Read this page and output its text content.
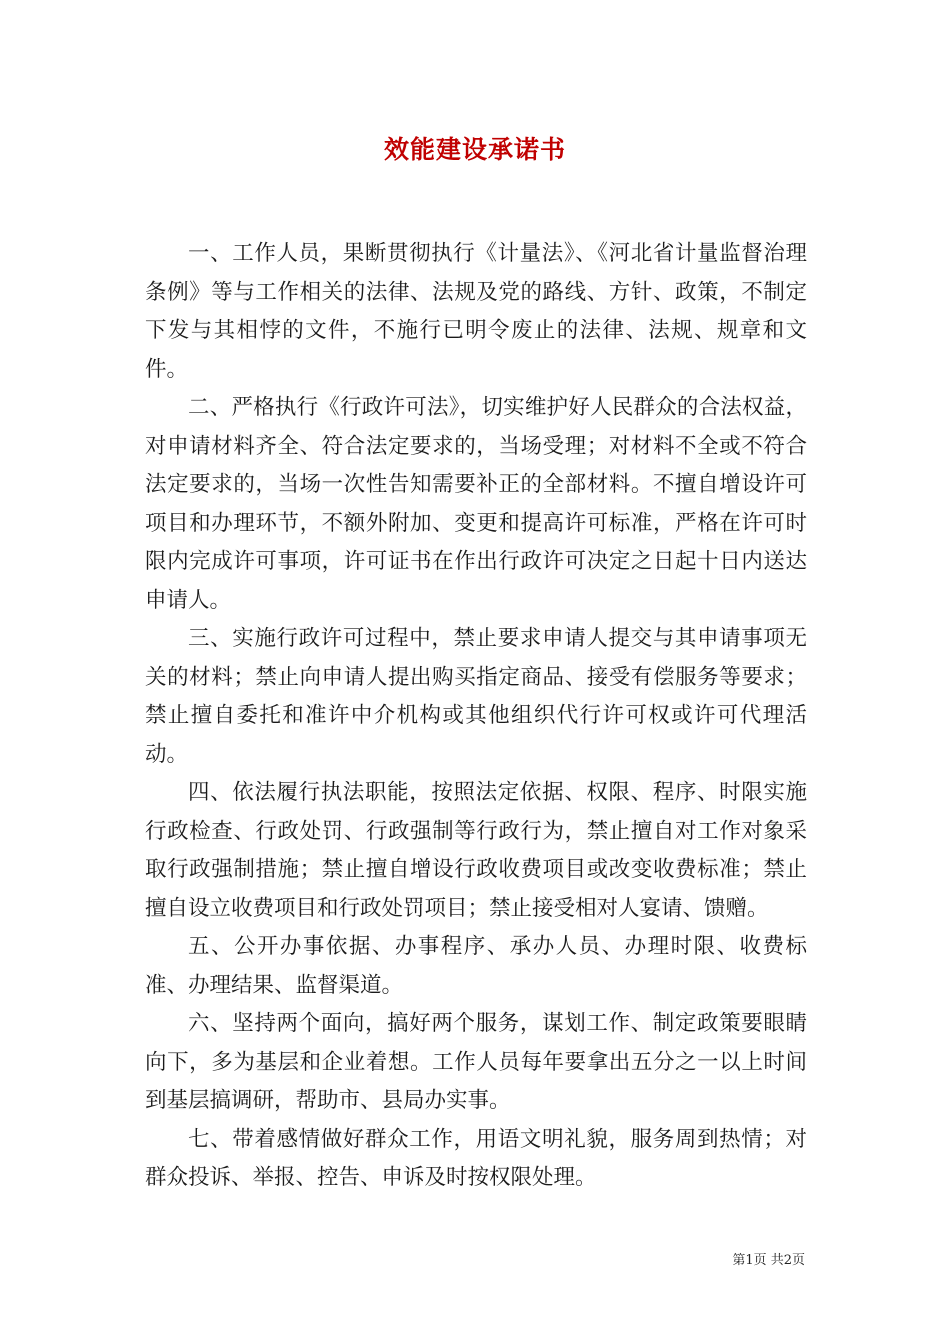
效能建设承诺书

一、工作人员，果断贯彻执行《计量法》、《河北省计量监督治理条例》等与工作相关的法律、法规及党的路线、方针、政策，不制定下发与其相悖的文件，不施行已明令废止的法律、法规、规章和文件。

二、严格执行《行政许可法》，切实维护好人民群众的合法权益，对申请材料齐全、符合法定要求的，当场受理；对材料不全或不符合法定要求的，当场一次性告知需要补正的全部材料。不擅自增设许可项目和办理环节，不额外附加、变更和提高许可标准，严格在许可时限内完成许可事项，许可证书在作出行政许可决定之日起十日内送达申请人。

三、实施行政许可过程中，禁止要求申请人提交与其申请事项无关的材料；禁止向申请人提出购买指定商品、接受有偿服务等要求；禁止擅自委托和准许中介机构或其他组织代行许可权或许可代理活动。

四、依法履行执法职能，按照法定依据、权限、程序、时限实施行政检查、行政处罚、行政强制等行政行为，禁止擅自对工作对象采取行政强制措施；禁止擅自增设行政收费项目或改变收费标准；禁止擅自设立收费项目和行政处罚项目；禁止接受相对人宴请、馈赠。

五、公开办事依据、办事程序、承办人员、办理时限、收费标准、办理结果、监督渠道。

六、坚持两个面向，搞好两个服务，谋划工作、制定政策要眼睛向下，多为基层和企业着想。工作人员每年要拿出五分之一以上时间到基层搞调研，帮助市、县局办实事。

七、带着感情做好群众工作，用语文明礼貌，服务周到热情；对群众投诉、举报、控告、申诉及时按权限处理。

第1页 共2页
